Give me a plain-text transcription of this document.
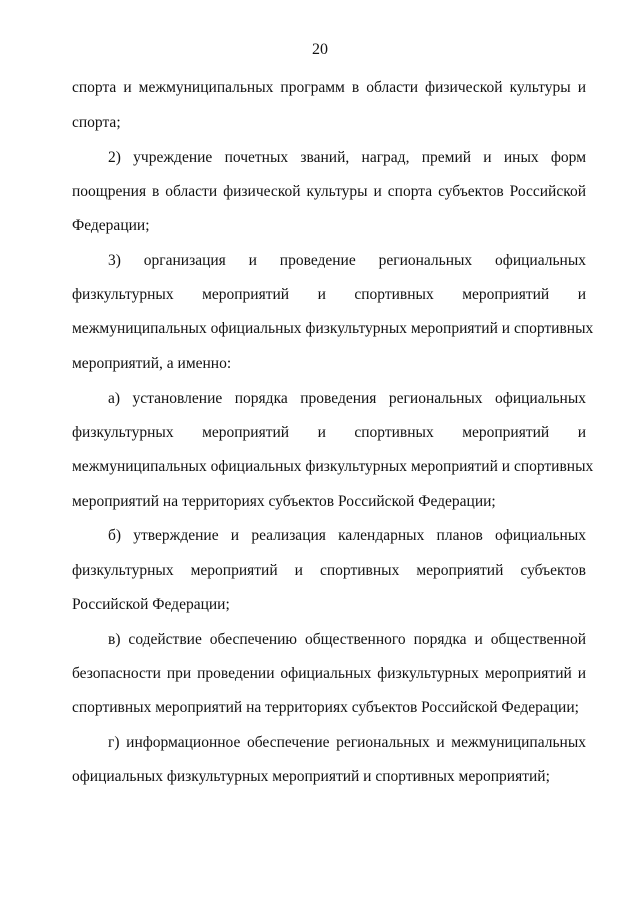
20
спорта и межмуниципальных программ в области физической культуры и
спорта;
2) учреждение почетных званий, наград, премий и иных форм
поощрения в области физической культуры и спорта субъектов Российской
Федерации;
3) организация и проведение региональных официальных
физкультурных мероприятий и спортивных мероприятий и
межмуниципальных официальных физкультурных мероприятий и спортивных
мероприятий, а именно:
а) установление порядка проведения региональных официальных
физкультурных мероприятий и спортивных мероприятий и
межмуниципальных официальных физкультурных мероприятий и спортивных
мероприятий на территориях субъектов Российской Федерации;
б) утверждение и реализация календарных планов официальных
физкультурных мероприятий и спортивных мероприятий субъектов
Российской Федерации;
в) содействие обеспечению общественного порядка и общественной
безопасности при проведении официальных физкультурных мероприятий и
спортивных мероприятий на территориях субъектов Российской Федерации;
г) информационное обеспечение региональных и межмуниципальных
официальных физкультурных мероприятий и спортивных мероприятий;
